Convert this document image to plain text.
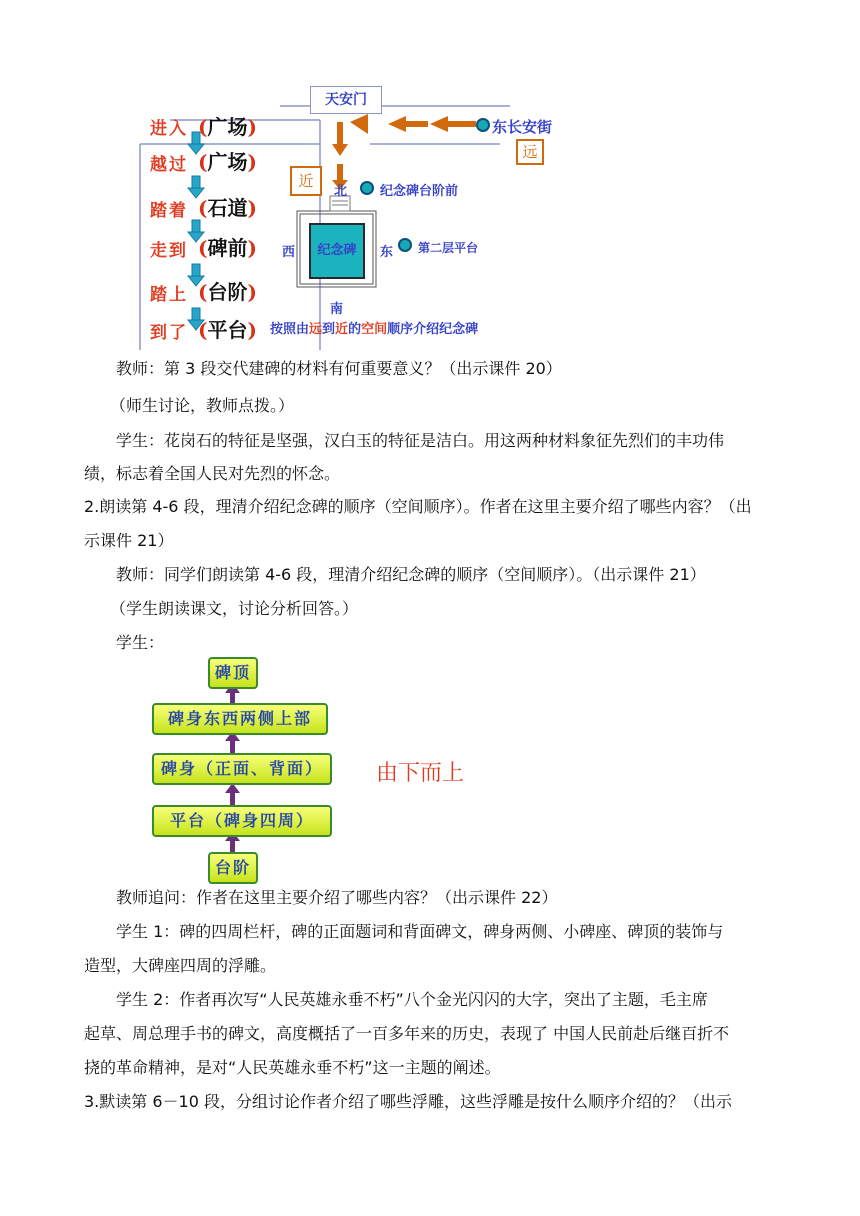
天安门
东长安街
远
近
北	纪念碑台阶前
西	东 第二层平台
南
纪念碑
进入
越过
踏着
走到
踏上
到了
(广场)
(广场)
(石道)
(碑前)
(台阶)
(平台) 按照由远到近的空间顺序介绍纪念碑
教师：第 3 段交代建碑的材料有何重要意义？（出示课件 20）
（师生讨论，教师点拨。）
学生：花岗石的特征是坚强，汉白玉的特征是洁白。用这两种材料象征先烈们的丰功伟
绩，标志着全国人民对先烈的怀念。
2.朗读第 4-6 段，理清介绍纪念碑的顺序（空间顺序）。作者在这里主要介绍了哪些内容？（出
示课件 21）
教师：同学们朗读第 4-6 段，理清介绍纪念碑的顺序（空间顺序）。（出示课件 21）
（学生朗读课文，讨论分析回答。）
学生：
碑顶
碑身东西两侧上部
碑身（正面、背面）
平台（碑身四周）
台阶
由下而上
教师追问：作者在这里主要介绍了哪些内容？（出示课件 22）
学生 1：碑的四周栏杆，碑的正面题词和背面碑文，碑身两侧、小碑座、碑顶的装饰与
造型，大碑座四周的浮雕。
学生 2：作者再次写“人民英雄永垂不朽”八个金光闪闪的大字，突出了主题，毛主席
起草、周总理手书的碑文，高度概括了一百多年来的历史，表现了 中国人民前赴后继百折不
挠的革命精神，是对“人民英雄永垂不朽”这一主题的阐述。
3.默读第 6－10 段，分组讨论作者介绍了哪些浮雕，这些浮雕是按什么顺序介绍的？（出示
